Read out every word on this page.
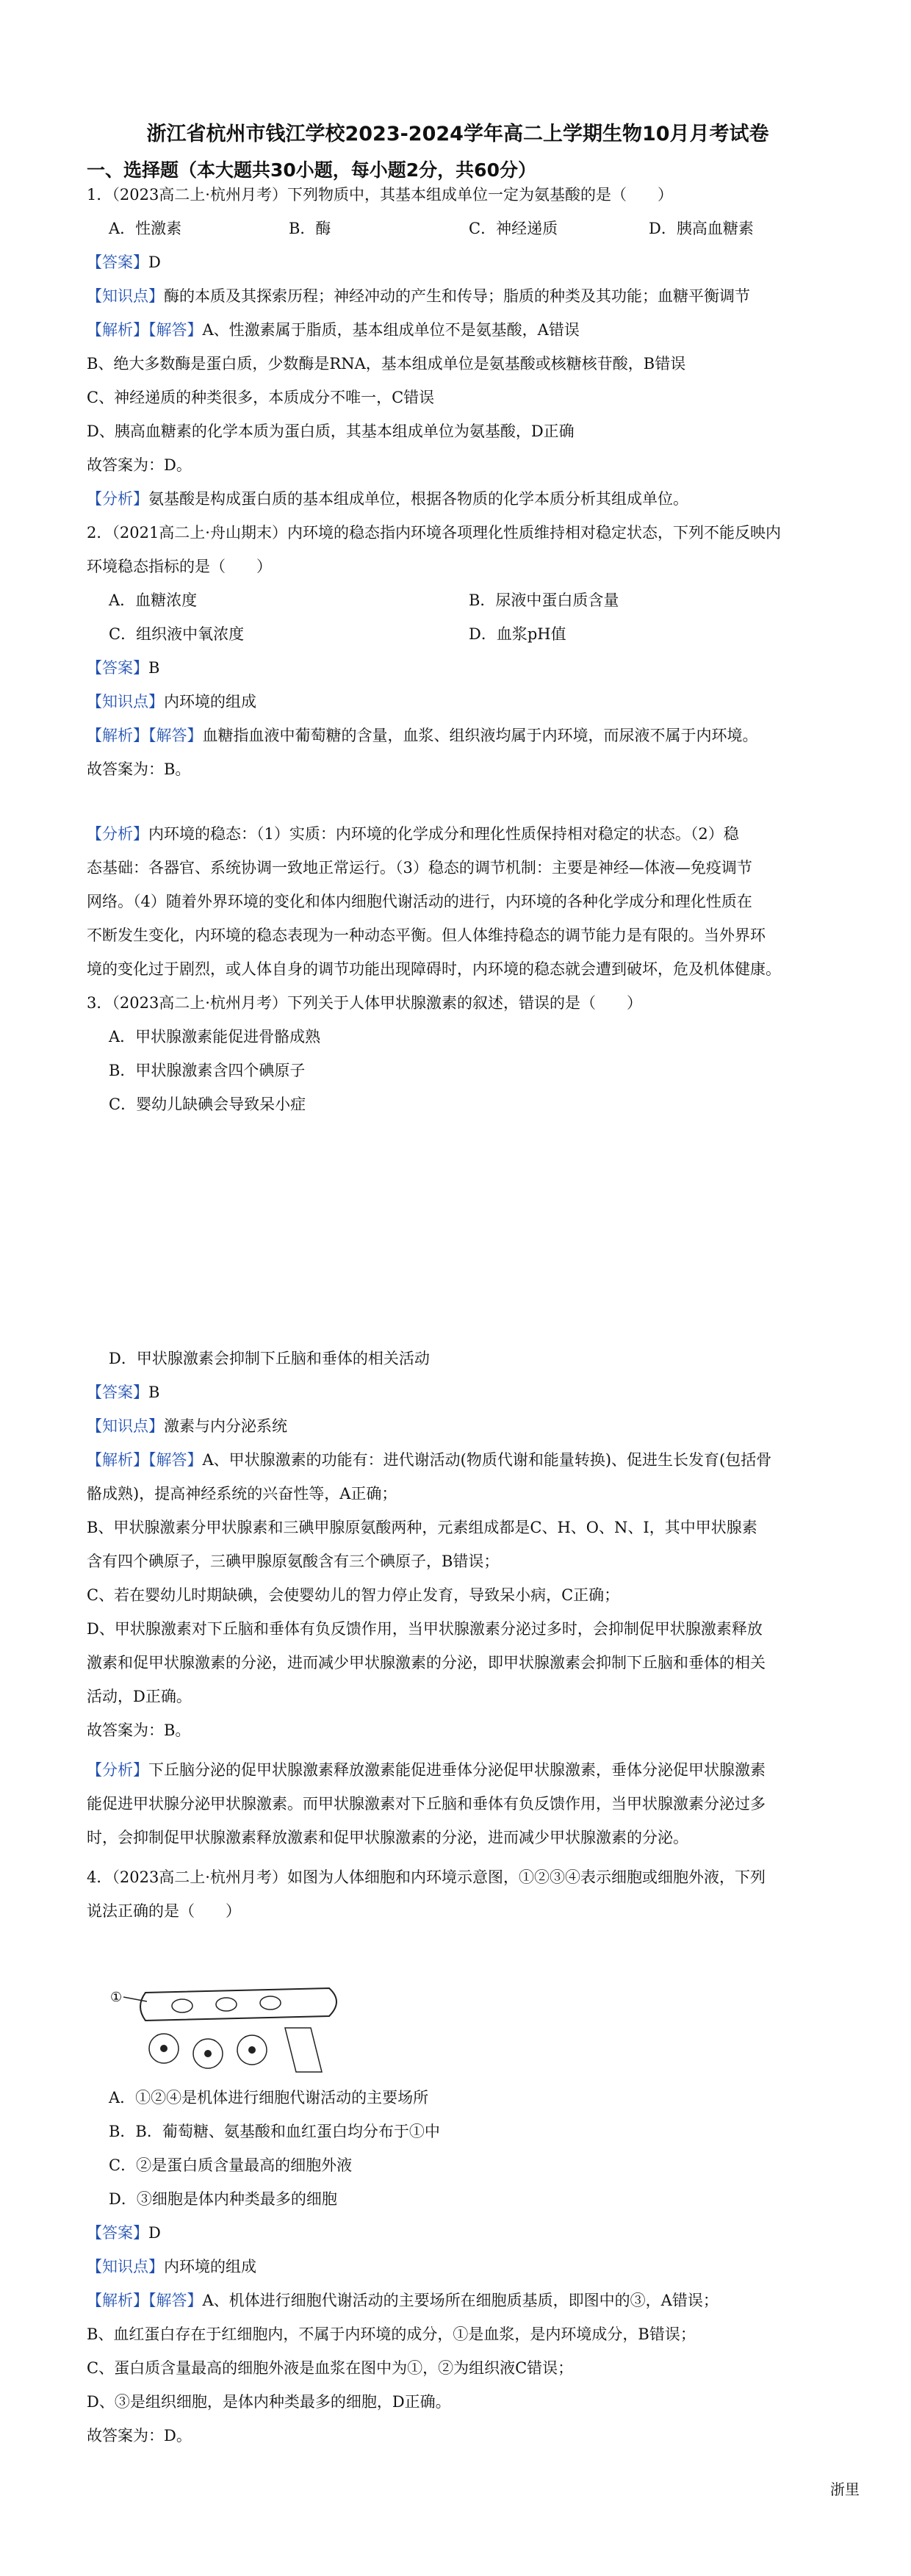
浙江省杭州市钱江学校2023-2024学年高二上学期生物10月月考试卷
一、选择题（本大题共30小题，每小题2分，共60分）
1．（2023高二上·杭州月考）下列物质中，其基本组成单位一定为氨基酸的是（　　）
A．性激素	B．酶	C．神经递质	D．胰高血糖素
【答案】D
【知识点】酶的本质及其探索历程；神经冲动的产生和传导；脂质的种类及其功能；血糖平衡调节
【解析】【解答】A、性激素属于脂质，基本组成单位不是氨基酸，A错误
B、绝大多数酶是蛋白质，少数酶是RNA，基本组成单位是氨基酸或核糖核苷酸，B错误
C、神经递质的种类很多，本质成分不唯一，C错误
D、胰高血糖素的化学本质为蛋白质，其基本组成单位为氨基酸，D正确
故答案为：D。
【分析】氨基酸是构成蛋白质的基本组成单位，根据各物质的化学本质分析其组成单位。
2．（2021高二上·舟山期末）内环境的稳态指内环境各项理化性质维持相对稳定状态，下列不能反映内
环境稳态指标的是（　　）
A．血糖浓度	B．尿液中蛋白质含量
C．组织液中氧浓度	D．血浆pH值
【答案】B
【知识点】内环境的组成
【解析】【解答】血糖指血液中葡萄糖的含量，血浆、组织液均属于内环境，而尿液不属于内环境。
故答案为：B。
【分析】内环境的稳态：（1）实质：内环境的化学成分和理化性质保持相对稳定的状态。（2）稳
态基础：各器官、系统协调一致地正常运行。（3）稳态的调节机制：主要是神经—体液—免疫调节
网络。（4）随着外界环境的变化和体内细胞代谢活动的进行，内环境的各种化学成分和理化性质在
不断发生变化，内环境的稳态表现为一种动态平衡。但人体维持稳态的调节能力是有限的。当外界环
境的变化过于剧烈，或人体自身的调节功能出现障碍时，内环境的稳态就会遭到破坏，危及机体健康。
3．（2023高二上·杭州月考）下列关于人体甲状腺激素的叙述，错误的是（　　）
A．甲状腺激素能促进骨骼成熟
B．甲状腺激素含四个碘原子
C．婴幼儿缺碘会导致呆小症
D．甲状腺激素会抑制下丘脑和垂体的相关活动
【答案】B
【知识点】激素与内分泌系统
【解析】【解答】A、甲状腺激素的功能有：进代谢活动(物质代谢和能量转换)、促进生长发育(包括骨
骼成熟)，提高神经系统的兴奋性等，A正确；
B、甲状腺激素分甲状腺素和三碘甲腺原氨酸两种，元素组成都是C、H、O、N、I，其中甲状腺素
含有四个碘原子，三碘甲腺原氨酸含有三个碘原子，B错误；
C、若在婴幼儿时期缺碘，会使婴幼儿的智力停止发育，导致呆小病，C正确；
D、甲状腺激素对下丘脑和垂体有负反馈作用，当甲状腺激素分泌过多时，会抑制促甲状腺激素释放
激素和促甲状腺激素的分泌，进而减少甲状腺激素的分泌，即甲状腺激素会抑制下丘脑和垂体的相关
活动，D正确。
故答案为：B。
【分析】下丘脑分泌的促甲状腺激素释放激素能促进垂体分泌促甲状腺激素，垂体分泌促甲状腺激素
能促进甲状腺分泌甲状腺激素。而甲状腺激素对下丘脑和垂体有负反馈作用，当甲状腺激素分泌过多
时，会抑制促甲状腺激素释放激素和促甲状腺激素的分泌，进而减少甲状腺激素的分泌。
4．（2023高二上·杭州月考）如图为人体细胞和内环境示意图，①②③④表示细胞或细胞外液，下列
说法正确的是（　　）
①
A．①②④是机体进行细胞代谢活动的主要场所
B．B．葡萄糖、氨基酸和血红蛋白均分布于①中
C．②是蛋白质含量最高的细胞外液
D．③细胞是体内种类最多的细胞
【答案】D
【知识点】内环境的组成
【解析】【解答】A、机体进行细胞代谢活动的主要场所在细胞质基质，即图中的③，A错误；
B、血红蛋白存在于红细胞内，不属于内环境的成分，①是血浆，是内环境成分，B错误；
C、蛋白质含量最高的细胞外液是血浆在图中为①，②为组织液C错误；
D、③是组织细胞，是体内种类最多的细胞，D正确。
故答案为：D。
浙里
